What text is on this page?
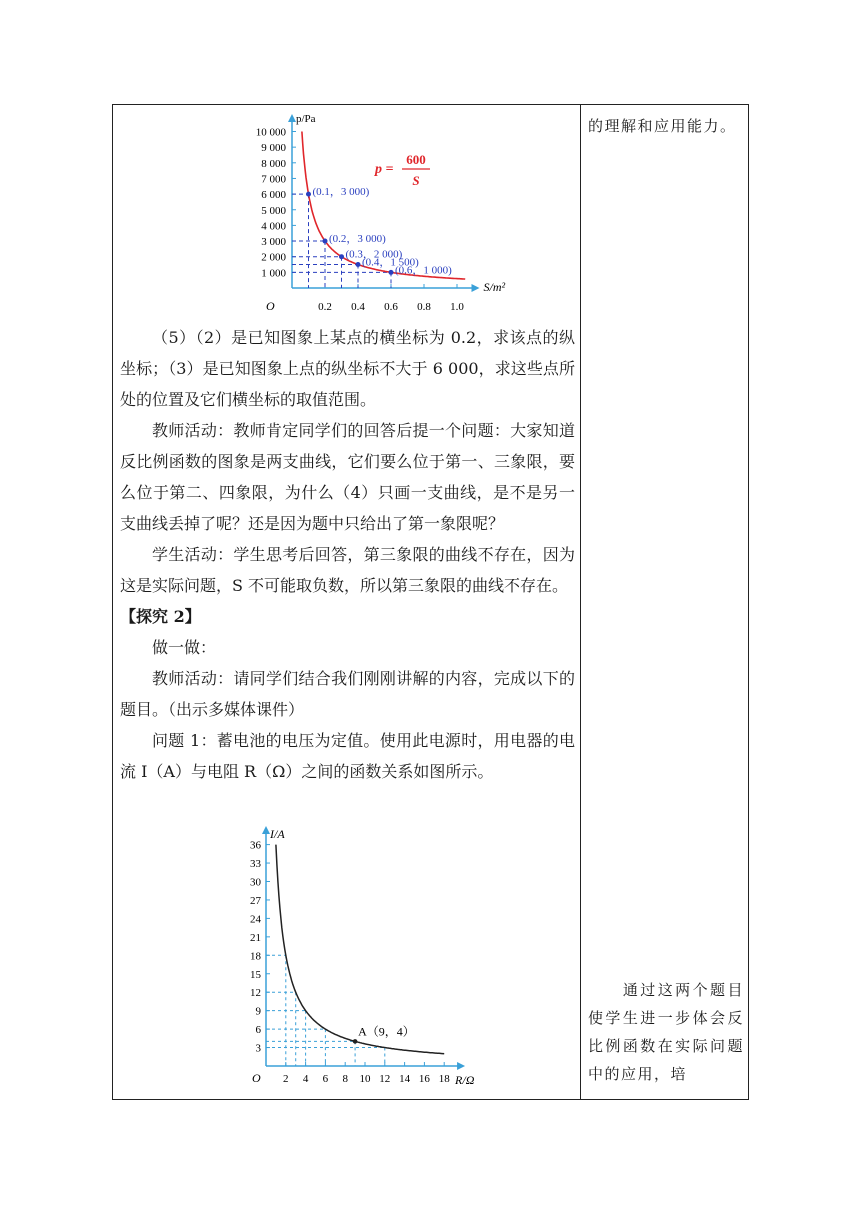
的理解和应用能力。
　　通过这两个题目使学生进一步体会反比例函数在实际问题中的应用，培
p/Pa
S/m²
O
1 000
2 000
3 000
4 000
5 000
6 000
7 000
8 000
9 000
10 000
0.2 0.4 0.6 0.8 1.0
(0.1，3 000)
(0.2，3 000)
(0.3，2 000)
(0.4，1 500)
(0.6，1 000)
p =
600
S

（5）（2）是已知图象上某点的横坐标为 0.2，求该点的纵坐标；（3）是已知图象上点的纵坐标不大于 6 000，求这些点所处的位置及它们横坐标的取值范围。

教师活动：教师肯定同学们的回答后提一个问题：大家知道反比例函数的图象是两支曲线，它们要么位于第一、三象限，要么位于第二、四象限，为什么（4）只画一支曲线，是不是另一支曲线丢掉了呢？还是因为题中只给出了第一象限呢？

学生活动：学生思考后回答，第三象限的曲线不存在，因为这是实际问题，S 不可能取负数，所以第三象限的曲线不存在。

【探究 2】

做一做：

教师活动：请同学们结合我们刚刚讲解的内容，完成以下的题目。（出示多媒体课件）

问题 1：蓄电池的电压为定值。使用此电源时，用电器的电流 I（A）与电阻 R（Ω）之间的函数关系如图所示。

I/A
R/Ω
O
3
6
9
12
15
18
21
24
27
30
33
36
2 4 6 8 10 12 14 16 18
A（9，4）
